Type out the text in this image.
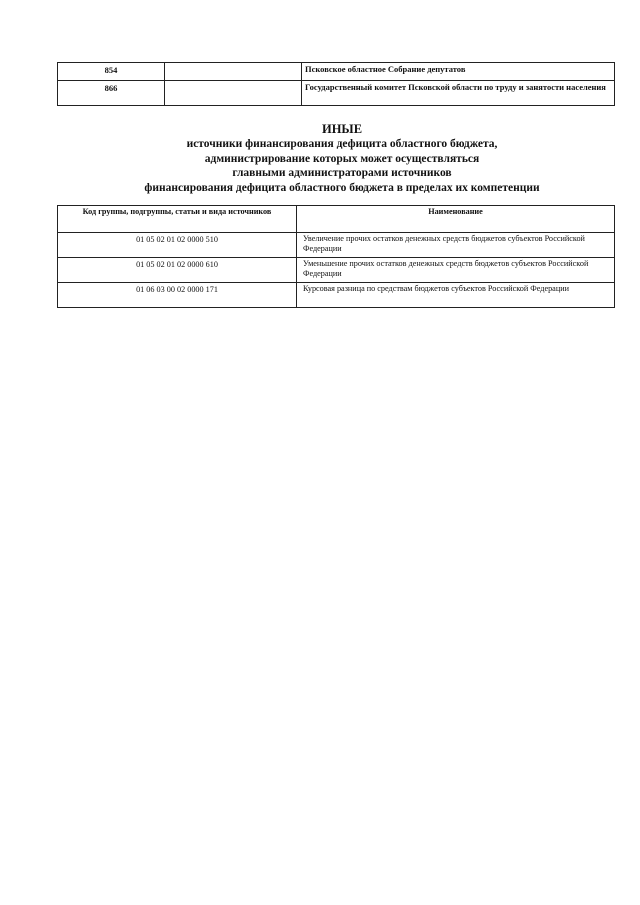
854		Псковское областное Собрание депутатов
866		Государственный комитет Псковской области по труду и занятости населения
ИНЫЕ
источники финансирования дефицита областного бюджета,
администрирование которых может осуществляться
главными администраторами источников
финансирования дефицита областного бюджета в пределах их компетенции
Код группы, подгруппы, статьи и вида источников	Наименование
01 05 02 01 02 0000 510	Увеличение прочих остатков денежных средств бюджетов субъектов Российской Федерации
01 05 02 01 02 0000 610	Уменьшение прочих остатков денежных средств бюджетов субъектов Российской Федерации
01 06 03 00 02 0000 171	Курсовая разница по средствам бюджетов субъектов Российской Федерации
